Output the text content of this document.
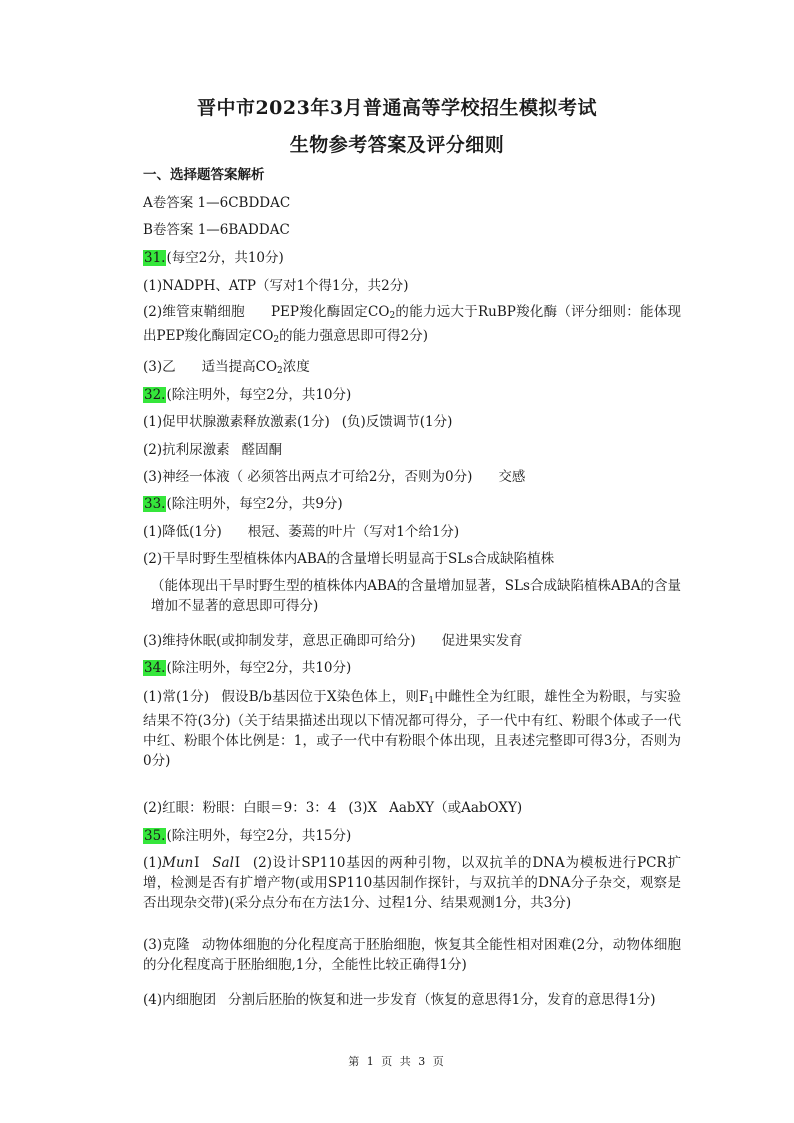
晋中市2023年3月普通高等学校招生模拟考试
生物参考答案及评分细则
一、选择题答案解析
A卷答案 1—6CBDDAC
B卷答案 1—6BADDAC
31.(每空2分，共10分)
(1)NADPH、ATP（写对1个得1分，共2分)
(2)维管束鞘细胞 PEP羧化酶固定$CO_2$的能力远大于RuBP羧化酶（评分细则：能体现出PEP羧化酶固定$CO_2$的能力强意思即可得2分)
(3)乙 适当提高$CO_2$浓度
32.(除注明外，每空2分，共10分)
(1)促甲状腺激素释放激素(1分) (负)反馈调节(1分)
(2)抗利尿激素 醛固酮
(3)神经一体液（ 必须答出两点才可给2分，否则为0分) 交感
33.(除注明外，每空2分，共9分)
(1)降低(1分) 根冠、萎蔫的叶片（写对1个给1分)
(2)干旱时野生型植株体内ABA的含量增长明显高于SLs合成缺陷植株
（能体现出干旱时野生型的植株体内ABA的含量增加显著，SLs合成缺陷植株ABA的含量增加不显著的意思即可得分)
(3)维持休眠(或抑制发芽，意思正确即可给分) 促进果实发育
34.(除注明外，每空2分，共10分)
(1)常(1分) 假设B/b基因位于X染色体上，则$F_1$中雌性全为红眼，雄性全为粉眼，与实验结果不符(3分)（关于结果描述出现以下情况都可得分，子一代中有红、粉眼个体或子一代中红、粉眼个体比例是：1，或子一代中有粉眼个体出现，且表述完整即可得3分，否则为0分)
(2)红眼：粉眼：白眼＝9：3：4 (3)X AabXY（或AabOXY)
35.(除注明外，每空2分，共15分)
(1)MunⅠ SalⅠ (2)设计SP110基因的两种引物，以双抗羊的DNA为模板进行PCR扩增，检测是否有扩增产物(或用SP110基因制作探针，与双抗羊的DNA分子杂交，观察是否出现杂交带)(采分点分布在方法1分、过程1分、结果观测1分，共3分)
(3)克隆 动物体细胞的分化程度高于胚胎细胞，恢复其全能性相对困难(2分，动物体细胞的分化程度高于胚胎细胞,1分，全能性比较正确得1分)
(4)内细胞团 分割后胚胎的恢复和进一步发育（恢复的意思得1分，发育的意思得1分)
第 1 页 共 3 页
